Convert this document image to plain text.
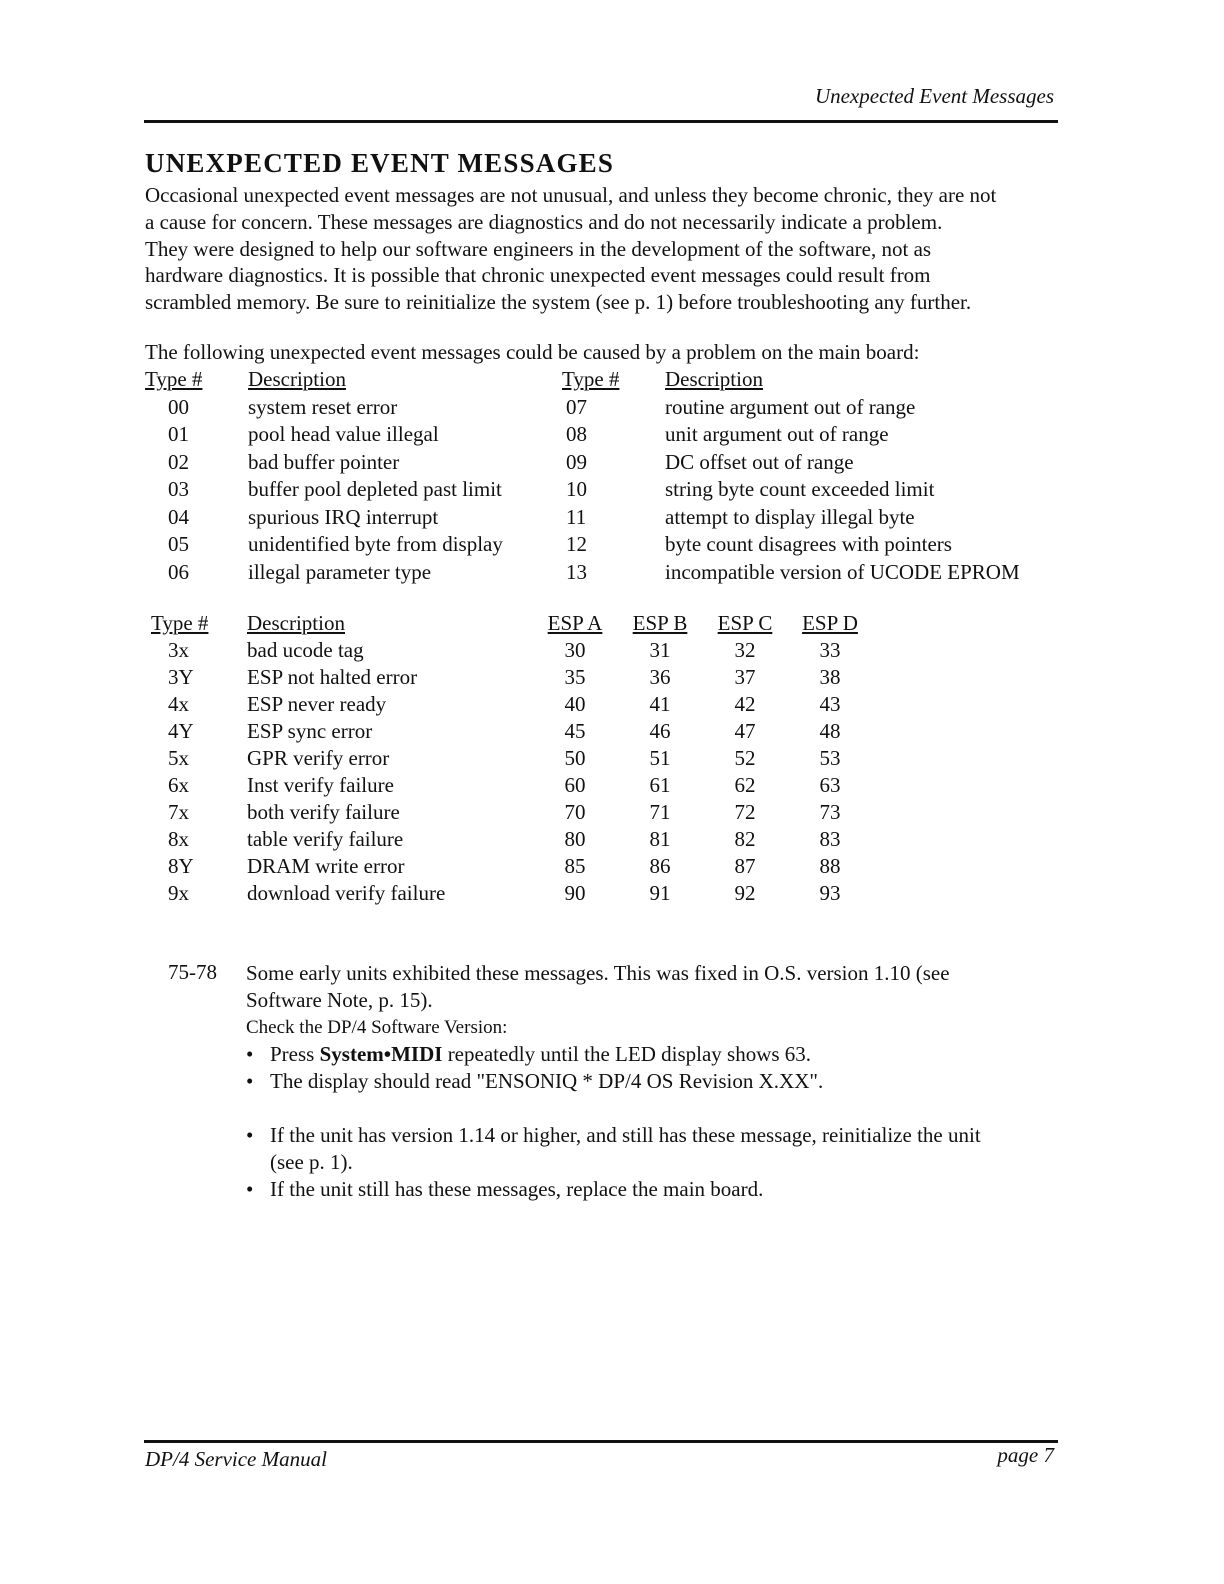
Unexpected Event Messages
UNEXPECTED EVENT MESSAGES
Occasional unexpected event messages are not unusual, and unless they become chronic, they are not
a cause for concern. These messages are diagnostics and do not necessarily indicate a problem.
They were designed to help our software engineers in the development of the software, not as
hardware diagnostics. It is possible that chronic unexpected event messages could result from
scrambled memory. Be sure to reinitialize the system (see p. 1) before troubleshooting any further.
The following unexpected event messages could be caused by a problem on the main board:
Type # Description	Type # Description
00	system reset error
01	pool head value illegal
02	bad buffer pointer
03	buffer pool depleted past limit
04	spurious IRQ interrupt
05	unidentified byte from display
06	illegal parameter type
07	routine argument out of range
08	unit argument out of range
09	DC offset out of range
10	string byte count exceeded limit
11	attempt to display illegal byte
12	byte count disagrees with pointers
13	incompatible version of UCODE EPROM
Type # Description	ESP A	ESP B	ESP C	ESP D
3x	bad ucode tag	30	31	32	33
3Y	ESP not halted error	35	36	37	38
4x	ESP never ready	40	41	42	43
4Y	ESP sync error	45	46	47	48
5x	GPR verify error	50	51	52	53
6x	Inst verify failure	60	61	62	63
7x	both verify failure	70	71	72	73
8x	table verify failure	80	81	82	83
8Y	DRAM write error	85	86	87	88
9x	download verify failure	90	91	92	93
75-78 Some early units exhibited these messages. This was fixed in O.S. version 1.10 (see
Software Note, p. 15).
Check the DP/4 Software Version:
• Press System•MIDI repeatedly until the LED display shows 63.
• The display should read "ENSONIQ * DP/4 OS Revision X.XX".
• If the unit has version 1.14 or higher, and still has these message, reinitialize the unit
(see p. 1).
• If the unit still has these messages, replace the main board.
DP/4 Service Manual	page 7
